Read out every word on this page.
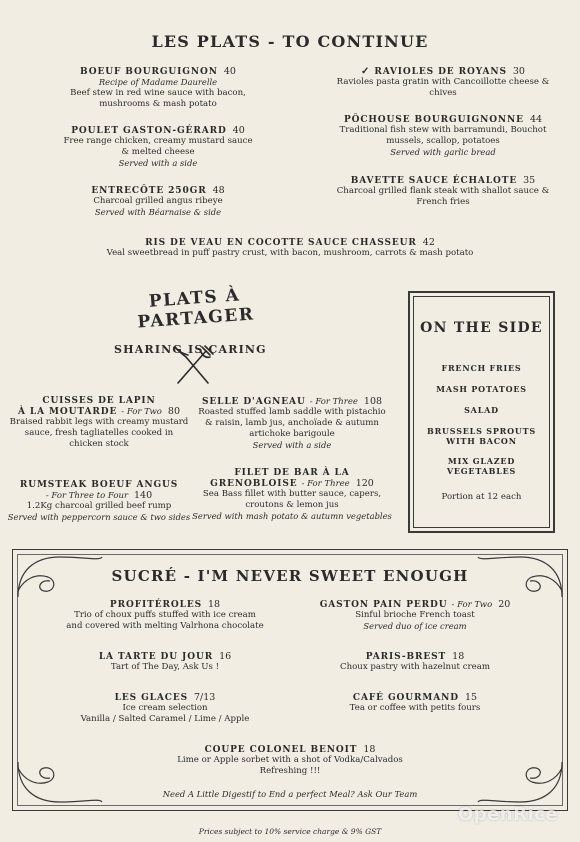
LES PLATS - TO CONTINUE
BOEUF BOURGUIGNON 40
Recipe of Madame Daurelle
Beef stew in red wine sauce with bacon,
mushrooms & mash potato
POULET GASTON-GÉRARD 40
Free range chicken, creamy mustard sauce
& melted cheese
Served with a side
ENTRECÔTE 250GR 48
Charcoal grilled angus ribeye
Served with Béarnaise & side
✓ RAVIOLES DE ROYANS 30
Ravioles pasta gratin with Cancoillotte cheese &
chives
PÔCHOUSE BOURGUIGNONNE 44
Traditional fish stew with barramundi, Bouchot
mussels, scallop, potatoes
Served with garlic bread
BAVETTE SAUCE ÉCHALOTE 35
Charcoal grilled flank steak with shallot sauce &
French fries
RIS DE VEAU EN COCOTTE SAUCE CHASSEUR 42
Veal sweetbread in puff pastry crust, with bacon, mushroom, carrots & mash potato
PLATS À PARTAGER
SHARING IS CARING
CUISSES DE LAPIN
À LA MOUTARDE - For Two 80
Braised rabbit legs with creamy mustard
sauce, fresh tagliatelles cooked in
chicken stock
SELLE D'AGNEAU - For Three 108
Roasted stuffed lamb saddle with pistachio
& raisin, lamb jus, anchoïade & autumn
artichoke barigoule
Served with a side
RUMSTEAK BOEUF ANGUS
- For Three to Four 140
1.2Kg charcoal grilled beef rump
Served with peppercorn sauce & two sides
FILET DE BAR À LA
GRENOBLOISE - For Three 120
Sea Bass fillet with butter sauce, capers,
croutons & lemon jus
Served with mash potato & autumn vegetables
ON THE SIDE
FRENCH FRIES
MASH POTATOES
SALAD
BRUSSELS SPROUTS
WITH BACON
MIX GLAZED
VEGETABLES
Portion at 12 each
SUCRÉ - I'M NEVER SWEET ENOUGH
PROFITÉROLES 18
Trio of choux puffs stuffed with ice cream
and covered with melting Valrhona chocolate
LA TARTE DU JOUR 16
Tart of The Day, Ask Us !
LES GLACES 7/13
Ice cream selection
Vanilla / Salted Caramel / Lime / Apple
GASTON PAIN PERDU - For Two 20
Sinful brioche French toast
Served duo of ice cream
PARIS-BREST 18
Choux pastry with hazelnut cream
CAFÉ GOURMAND 15
Tea or coffee with petits fours
COUPE COLONEL BENOIT 18
Lime or Apple sorbet with a shot of Vodka/Calvados
Refreshing !!!
Need A Little Digestif to End a perfect Meal? Ask Our Team
Prices subject to 10% service charge & 9% GST
OpenRice
